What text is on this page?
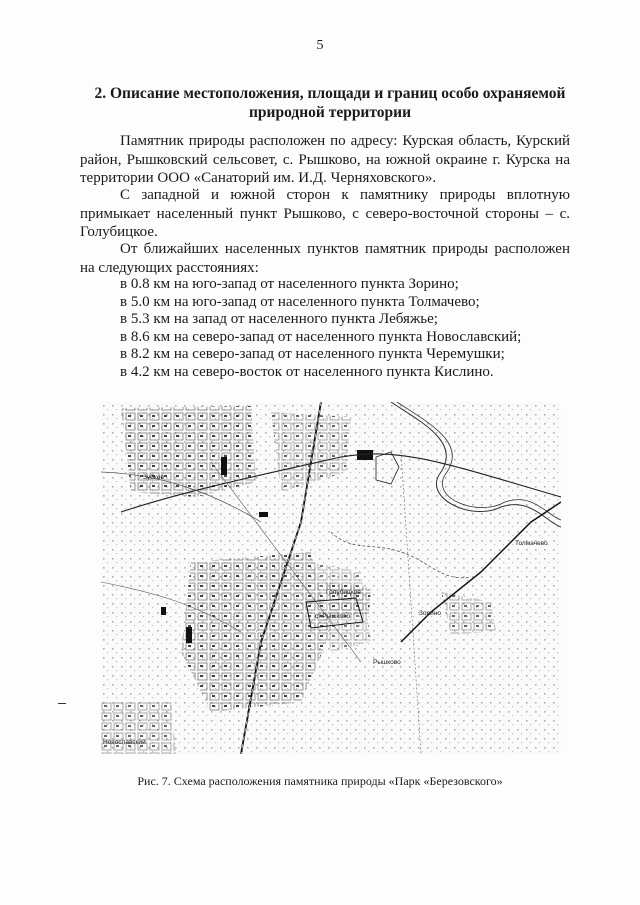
5
2. Описание местоположения, площади и границ особо охраняемой
природной территории
Памятник природы расположен по адресу: Курская область, Курский район, Рышковский сельсовет, с. Рышково, на южной окраине г. Курска на территории ООО «Санаторий им. И.Д. Черняховского».
С западной и южной сторон к памятнику природы вплотную примыкает населенный пункт Рышково, с северо-восточной стороны – с. Голубицкое.
От ближайших населенных пунктов памятник природы расположен на следующих расстояниях:
в 0.8 км на юго-запад от населенного пункта Зорино;
в 5.0 км на юго-запад от населенного пункта Толмачево;
в 5.3 км на запад от населенного пункта Лебяжье;
в 8.6 км на северо-запад от населенного пункта Новославский;
в 8.2 км на северо-запад от населенного пункта Черемушки;
в 4.2 км на северо-восток от населенного пункта Кислино.
Зубков
Толмачево
Голубицкое
Зорино
ст.Рышково
Рышково
Новославский
Рис. 7. Схема расположения памятника природы «Парк «Березовского»
